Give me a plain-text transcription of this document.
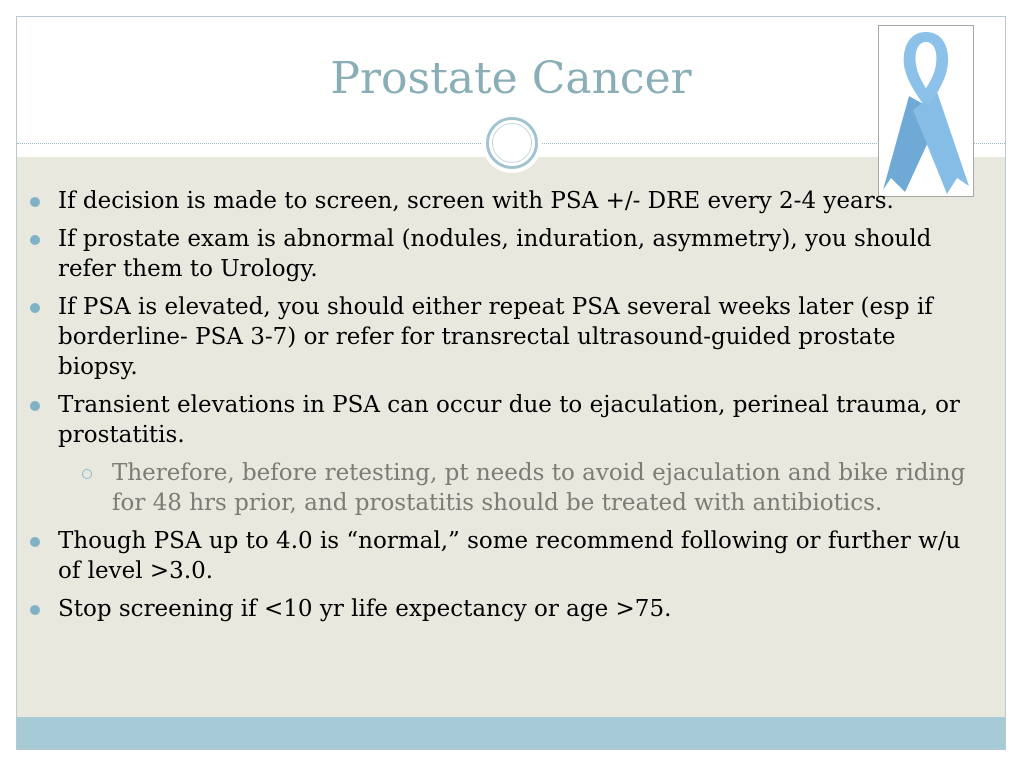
Prostate Cancer
If decision is made to screen, screen with PSA +/- DRE every 2-4 years.
If prostate exam is abnormal (nodules, induration, asymmetry), you should refer them to Urology.
If PSA is elevated, you should either repeat PSA several weeks later (esp if borderline- PSA 3-7) or refer for transrectal ultrasound-guided prostate biopsy.
Transient elevations in PSA can occur due to ejaculation, perineal trauma, or prostatitis.
Therefore, before retesting, pt needs to avoid ejaculation and bike riding for 48 hrs prior, and prostatitis should be treated with antibiotics.
Though PSA up to 4.0 is “normal,” some recommend following or further w/u of level >3.0.
Stop screening if <10 yr life expectancy or age >75.
